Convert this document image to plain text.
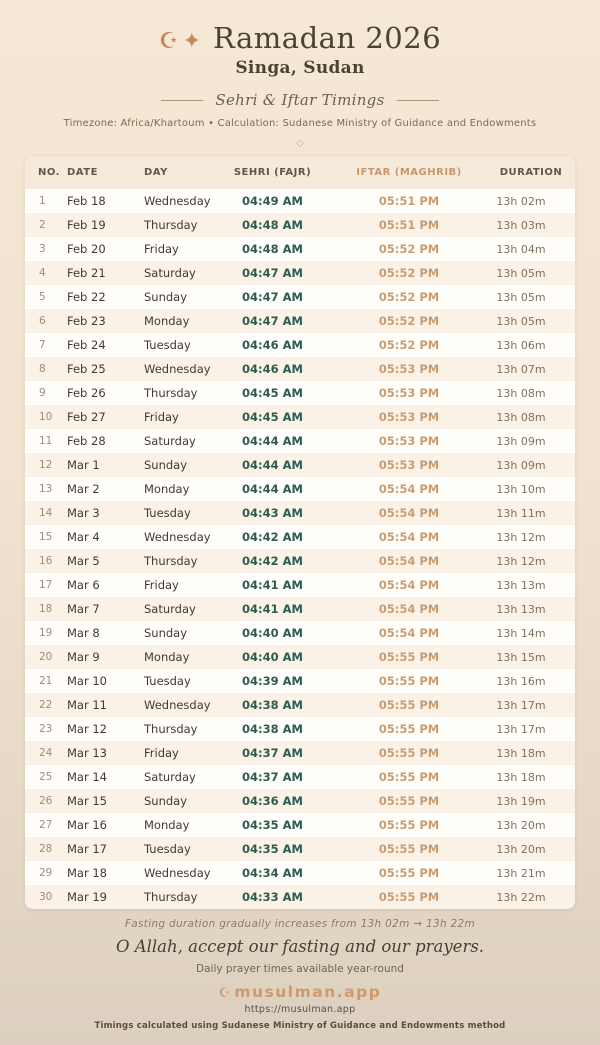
☪✦ Ramadan 2026
Singa, Sudan
Sehri & Iftar Timings
Timezone: Africa/Khartoum • Calculation: Sudanese Ministry of Guidance and Endowments
◇
NO.	DATE	DAY	SEHRI (FAJR)	IFTAR (MAGHRIB)	DURATION
1	Feb 18	Wednesday	04:49 AM	05:51 PM	13h 02m
2	Feb 19	Thursday	04:48 AM	05:51 PM	13h 03m
3	Feb 20	Friday	04:48 AM	05:52 PM	13h 04m
4	Feb 21	Saturday	04:47 AM	05:52 PM	13h 05m
5	Feb 22	Sunday	04:47 AM	05:52 PM	13h 05m
6	Feb 23	Monday	04:47 AM	05:52 PM	13h 05m
7	Feb 24	Tuesday	04:46 AM	05:52 PM	13h 06m
8	Feb 25	Wednesday	04:46 AM	05:53 PM	13h 07m
9	Feb 26	Thursday	04:45 AM	05:53 PM	13h 08m
10	Feb 27	Friday	04:45 AM	05:53 PM	13h 08m
11	Feb 28	Saturday	04:44 AM	05:53 PM	13h 09m
12	Mar 1	Sunday	04:44 AM	05:53 PM	13h 09m
13	Mar 2	Monday	04:44 AM	05:54 PM	13h 10m
14	Mar 3	Tuesday	04:43 AM	05:54 PM	13h 11m
15	Mar 4	Wednesday	04:42 AM	05:54 PM	13h 12m
16	Mar 5	Thursday	04:42 AM	05:54 PM	13h 12m
17	Mar 6	Friday	04:41 AM	05:54 PM	13h 13m
18	Mar 7	Saturday	04:41 AM	05:54 PM	13h 13m
19	Mar 8	Sunday	04:40 AM	05:54 PM	13h 14m
20	Mar 9	Monday	04:40 AM	05:55 PM	13h 15m
21	Mar 10	Tuesday	04:39 AM	05:55 PM	13h 16m
22	Mar 11	Wednesday	04:38 AM	05:55 PM	13h 17m
23	Mar 12	Thursday	04:38 AM	05:55 PM	13h 17m
24	Mar 13	Friday	04:37 AM	05:55 PM	13h 18m
25	Mar 14	Saturday	04:37 AM	05:55 PM	13h 18m
26	Mar 15	Sunday	04:36 AM	05:55 PM	13h 19m
27	Mar 16	Monday	04:35 AM	05:55 PM	13h 20m
28	Mar 17	Tuesday	04:35 AM	05:55 PM	13h 20m
29	Mar 18	Wednesday	04:34 AM	05:55 PM	13h 21m
30	Mar 19	Thursday	04:33 AM	05:55 PM	13h 22m
Fasting duration gradually increases from 13h 02m → 13h 22m
O Allah, accept our fasting and our prayers.
Daily prayer times available year-round
☪ musulman.app
https://musulman.app
Timings calculated using Sudanese Ministry of Guidance and Endowments method
